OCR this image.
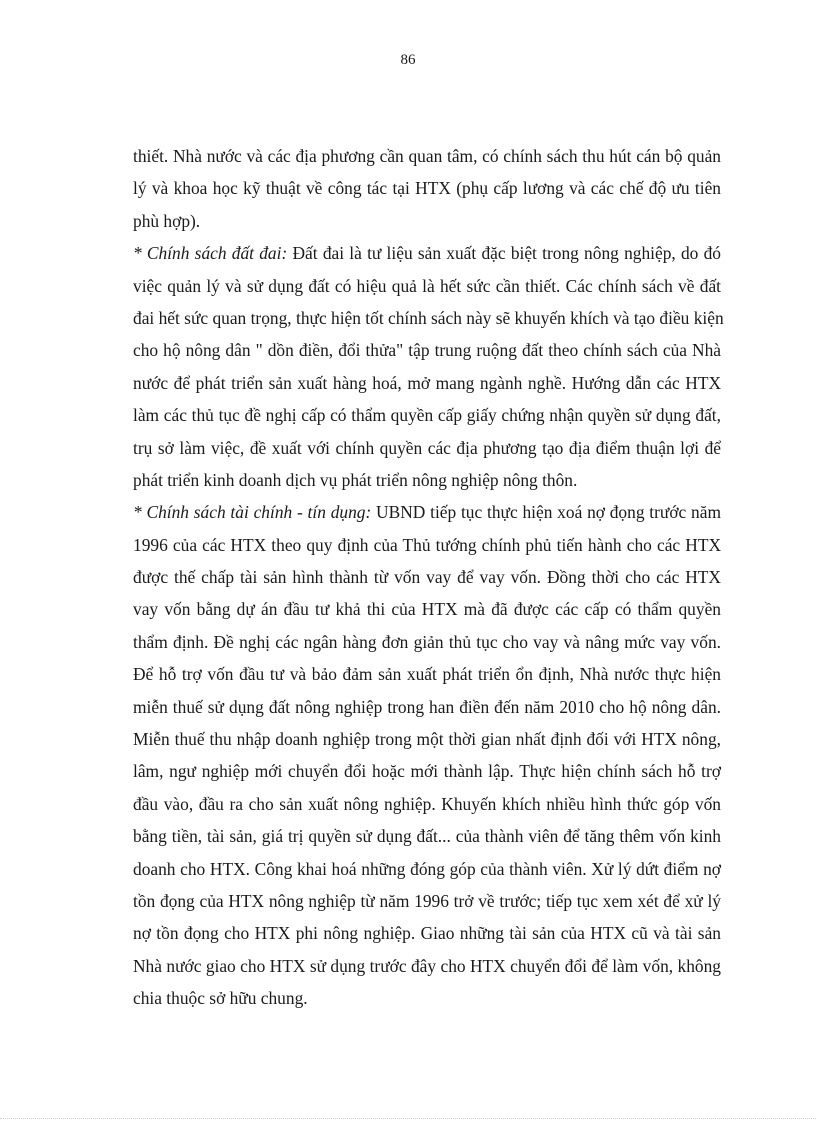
86
thiết. Nhà nước và các địa phương cần quan tâm, có chính sách thu hút cán bộ quản
lý và khoa học kỹ thuật về công tác tại HTX (phụ cấp lương và các chế độ ưu tiên
phù hợp).
* Chính sách đất đai: Đất đai là tư liệu sản xuất đặc biệt trong nông nghiệp, do đó
việc quản lý và sử dụng đất có hiệu quả là hết sức cần thiết. Các chính sách về đất
đai hết sức quan trọng, thực hiện tốt chính sách này sẽ khuyến khích và tạo điều kiện
cho hộ nông dân " dồn điền, đổi thửa" tập trung ruộng đất theo chính sách của Nhà
nước để phát triển sản xuất hàng hoá, mở mang ngành nghề. Hướng dẫn các HTX
làm các thủ tục đề nghị cấp có thẩm quyền cấp giấy chứng nhận quyền sử dụng đất,
trụ sở làm việc, đề xuất với chính quyền các địa phương tạo địa điểm thuận lợi để
phát triển kinh doanh dịch vụ phát triển nông nghiệp nông thôn.
* Chính sách tài chính - tín dụng: UBND tiếp tục thực hiện xoá nợ đọng trước năm
1996 của các HTX theo quy định của Thủ tướng chính phủ tiến hành cho các HTX
được thế chấp tài sản hình thành từ vốn vay để vay vốn. Đồng thời cho các HTX
vay vốn bằng dự án đầu tư khả thi của HTX mà đã được các cấp có thẩm quyền
thẩm định. Đề nghị các ngân hàng đơn giản thủ tục cho vay và nâng mức vay vốn.
Để hỗ trợ vốn đầu tư và bảo đảm sản xuất phát triển ổn định, Nhà nước thực hiện
miễn thuế sử dụng đất nông nghiệp trong han điền đến năm 2010 cho hộ nông dân.
Miễn thuế thu nhập doanh nghiệp trong một thời gian nhất định đối với HTX nông,
lâm, ngư nghiệp mới chuyển đổi hoặc mới thành lập. Thực hiện chính sách hỗ trợ
đầu vào, đầu ra cho sản xuất nông nghiệp. Khuyến khích nhiều hình thức góp vốn
bằng tiền, tài sản, giá trị quyền sử dụng đất... của thành viên để tăng thêm vốn kinh
doanh cho HTX. Công khai hoá những đóng góp của thành viên. Xử lý dứt điểm nợ
tồn đọng của HTX nông nghiệp từ năm 1996 trở về trước; tiếp tục xem xét để xử lý
nợ tồn đọng cho HTX phi nông nghiệp. Giao những tài sản của HTX cũ và tài sản
Nhà nước giao cho HTX sử dụng trước đây cho HTX chuyển đổi để làm vốn, không
chia thuộc sở hữu chung.
